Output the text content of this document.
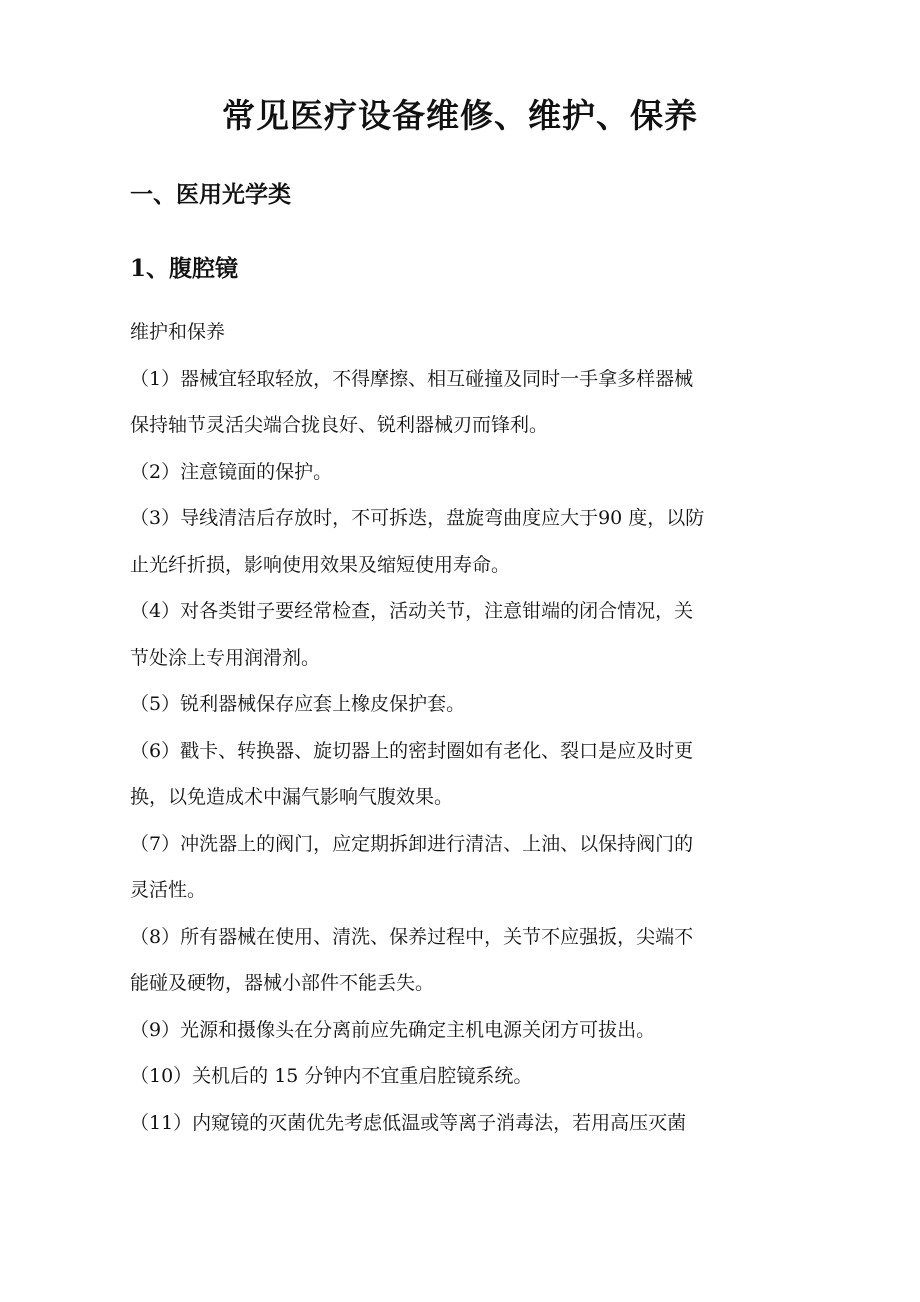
常见医疗设备维修、维护、保养
一、医用光学类
1、腹腔镜
维护和保养
（1）器械宜轻取轻放，不得摩擦、相互碰撞及同时一手拿多样器械
保持轴节灵活尖端合拢良好、锐利器械刃而锋利。
（2）注意镜面的保护。
（3）导线清洁后存放时，不可拆迭，盘旋弯曲度应大于90 度，以防
止光纤折损，影响使用效果及缩短使用寿命。
（4）对各类钳子要经常检查，活动关节，注意钳端的闭合情况，关
节处涂上专用润滑剂。
（5）锐利器械保存应套上橡皮保护套。
（6）戳卡、转换器、旋切器上的密封圈如有老化、裂口是应及时更
换，以免造成术中漏气影响气腹效果。
（7）冲洗器上的阀门，应定期拆卸进行清洁、上油、以保持阀门的
灵活性。
（8）所有器械在使用、清洗、保养过程中，关节不应强扳，尖端不
能碰及硬物，器械小部件不能丢失。
（9）光源和摄像头在分离前应先确定主机电源关闭方可拔出。
（10）关机后的 15 分钟内不宜重启腔镜系统。
（11）内窥镜的灭菌优先考虑低温或等离子消毒法，若用高压灭菌
